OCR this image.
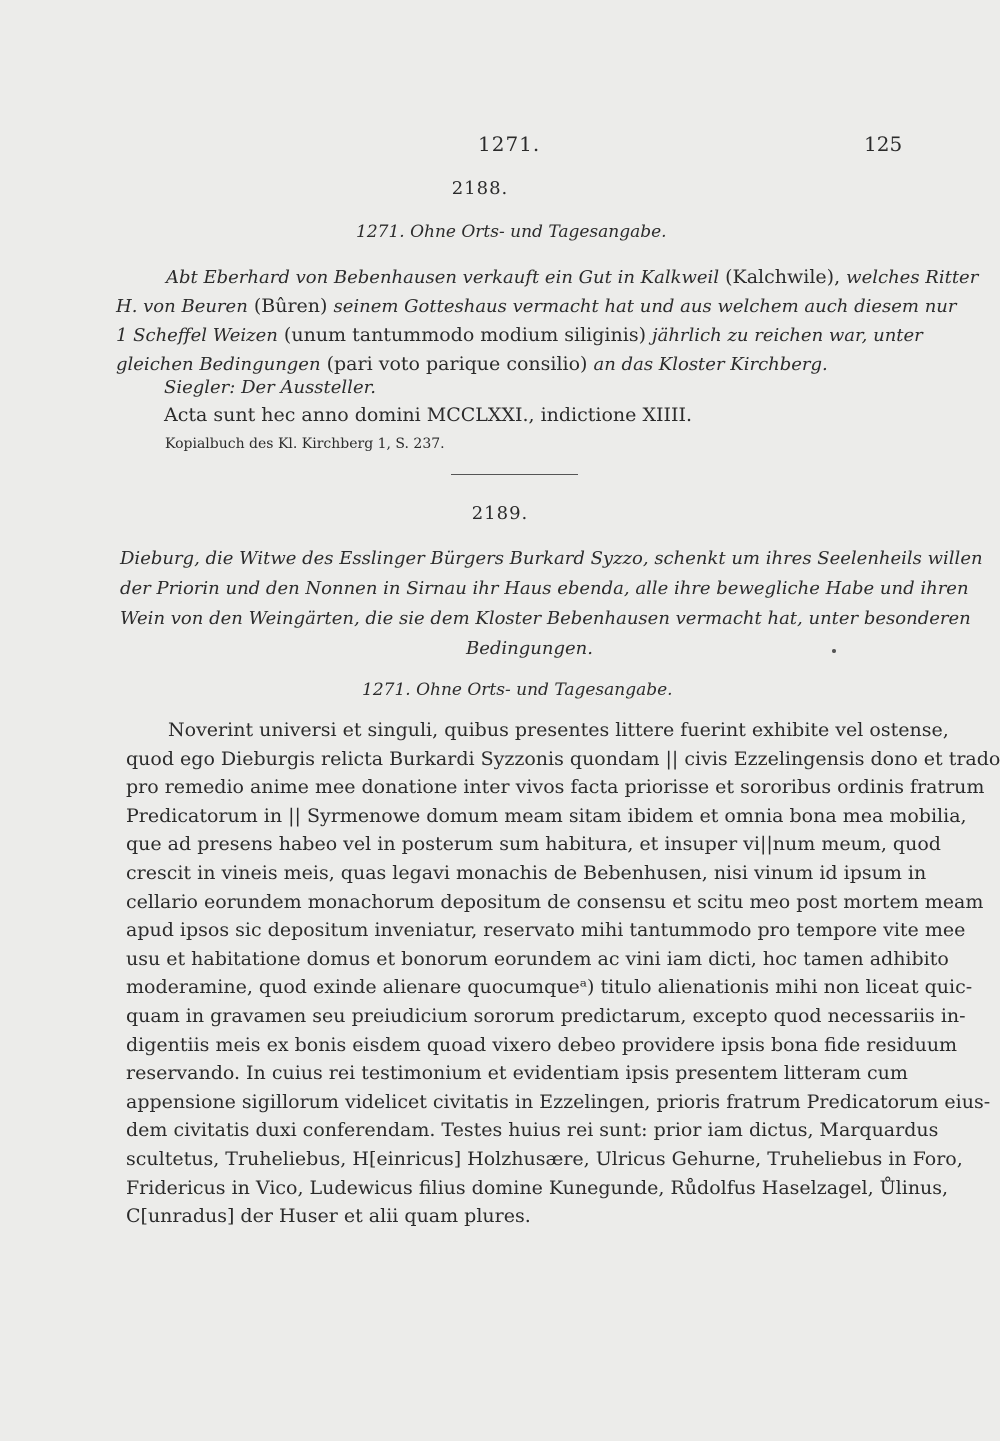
1271.	125
2188.
1271. Ohne Orts- und Tagesangabe.
Abt Eberhard von Bebenhausen verkauft ein Gut in Kalkweil (Kalchwile), welches Ritter
H. von Beuren (Bûren) seinem Gotteshaus vermacht hat und aus welchem auch diesem nur
1 Scheffel Weizen (unum tantummodo modium siliginis) jährlich zu reichen war, unter
gleichen Bedingungen (pari voto parique consilio) an das Kloster Kirchberg.
Siegler: Der Aussteller.
Acta sunt hec anno domini MCCLXXI., indictione XIIII.
Kopialbuch des Kl. Kirchberg 1, S. 237.
2189.
Dieburg, die Witwe des Esslinger Bürgers Burkard Syzzo, schenkt um ihres Seelenheils willen
der Priorin und den Nonnen in Sirnau ihr Haus ebenda, alle ihre bewegliche Habe und ihren
Wein von den Weingärten, die sie dem Kloster Bebenhausen vermacht hat, unter besonderen
Bedingungen.
1271. Ohne Orts- und Tagesangabe.
Noverint universi et singuli, quibus presentes littere fuerint exhibite vel ostense,
quod ego Dieburgis relicta Burkardi Syzzonis quondam || civis Ezzelingensis dono et trado
pro remedio anime mee donatione inter vivos facta priorisse et sororibus ordinis fratrum
Predicatorum in || Syrmenowe domum meam sitam ibidem et omnia bona mea mobilia,
que ad presens habeo vel in posterum sum habitura, et insuper vi||num meum, quod
crescit in vineis meis, quas legavi monachis de Bebenhusen, nisi vinum id ipsum in
cellario eorundem monachorum depositum de consensu et scitu meo post mortem meam
apud ipsos sic depositum inveniatur, reservato mihi tantummodo pro tempore vite mee
usu et habitatione domus et bonorum eorundem ac vini iam dicti, hoc tamen adhibito
moderamine, quod exinde alienare quocumqueᵃ) titulo alienationis mihi non liceat quic-
quam in gravamen seu preiudicium sororum predictarum, excepto quod necessariis in-
digentiis meis ex bonis eisdem quoad vixero debeo providere ipsis bona fide residuum
reservando. In cuius rei testimonium et evidentiam ipsis presentem litteram cum
appensione sigillorum videlicet civitatis in Ezzelingen, prioris fratrum Predicatorum eius-
dem civitatis duxi conferendam. Testes huius rei sunt: prior iam dictus, Marquardus
scultetus, Truheliebus, H[einricus] Holzhusære, Ulricus Gehurne, Truheliebus in Foro,
Fridericus in Vico, Ludewicus filius domine Kunegunde, Růdolfus Haselzagel, Ůlinus,
C[unradus] der Huser et alii quam plures.
